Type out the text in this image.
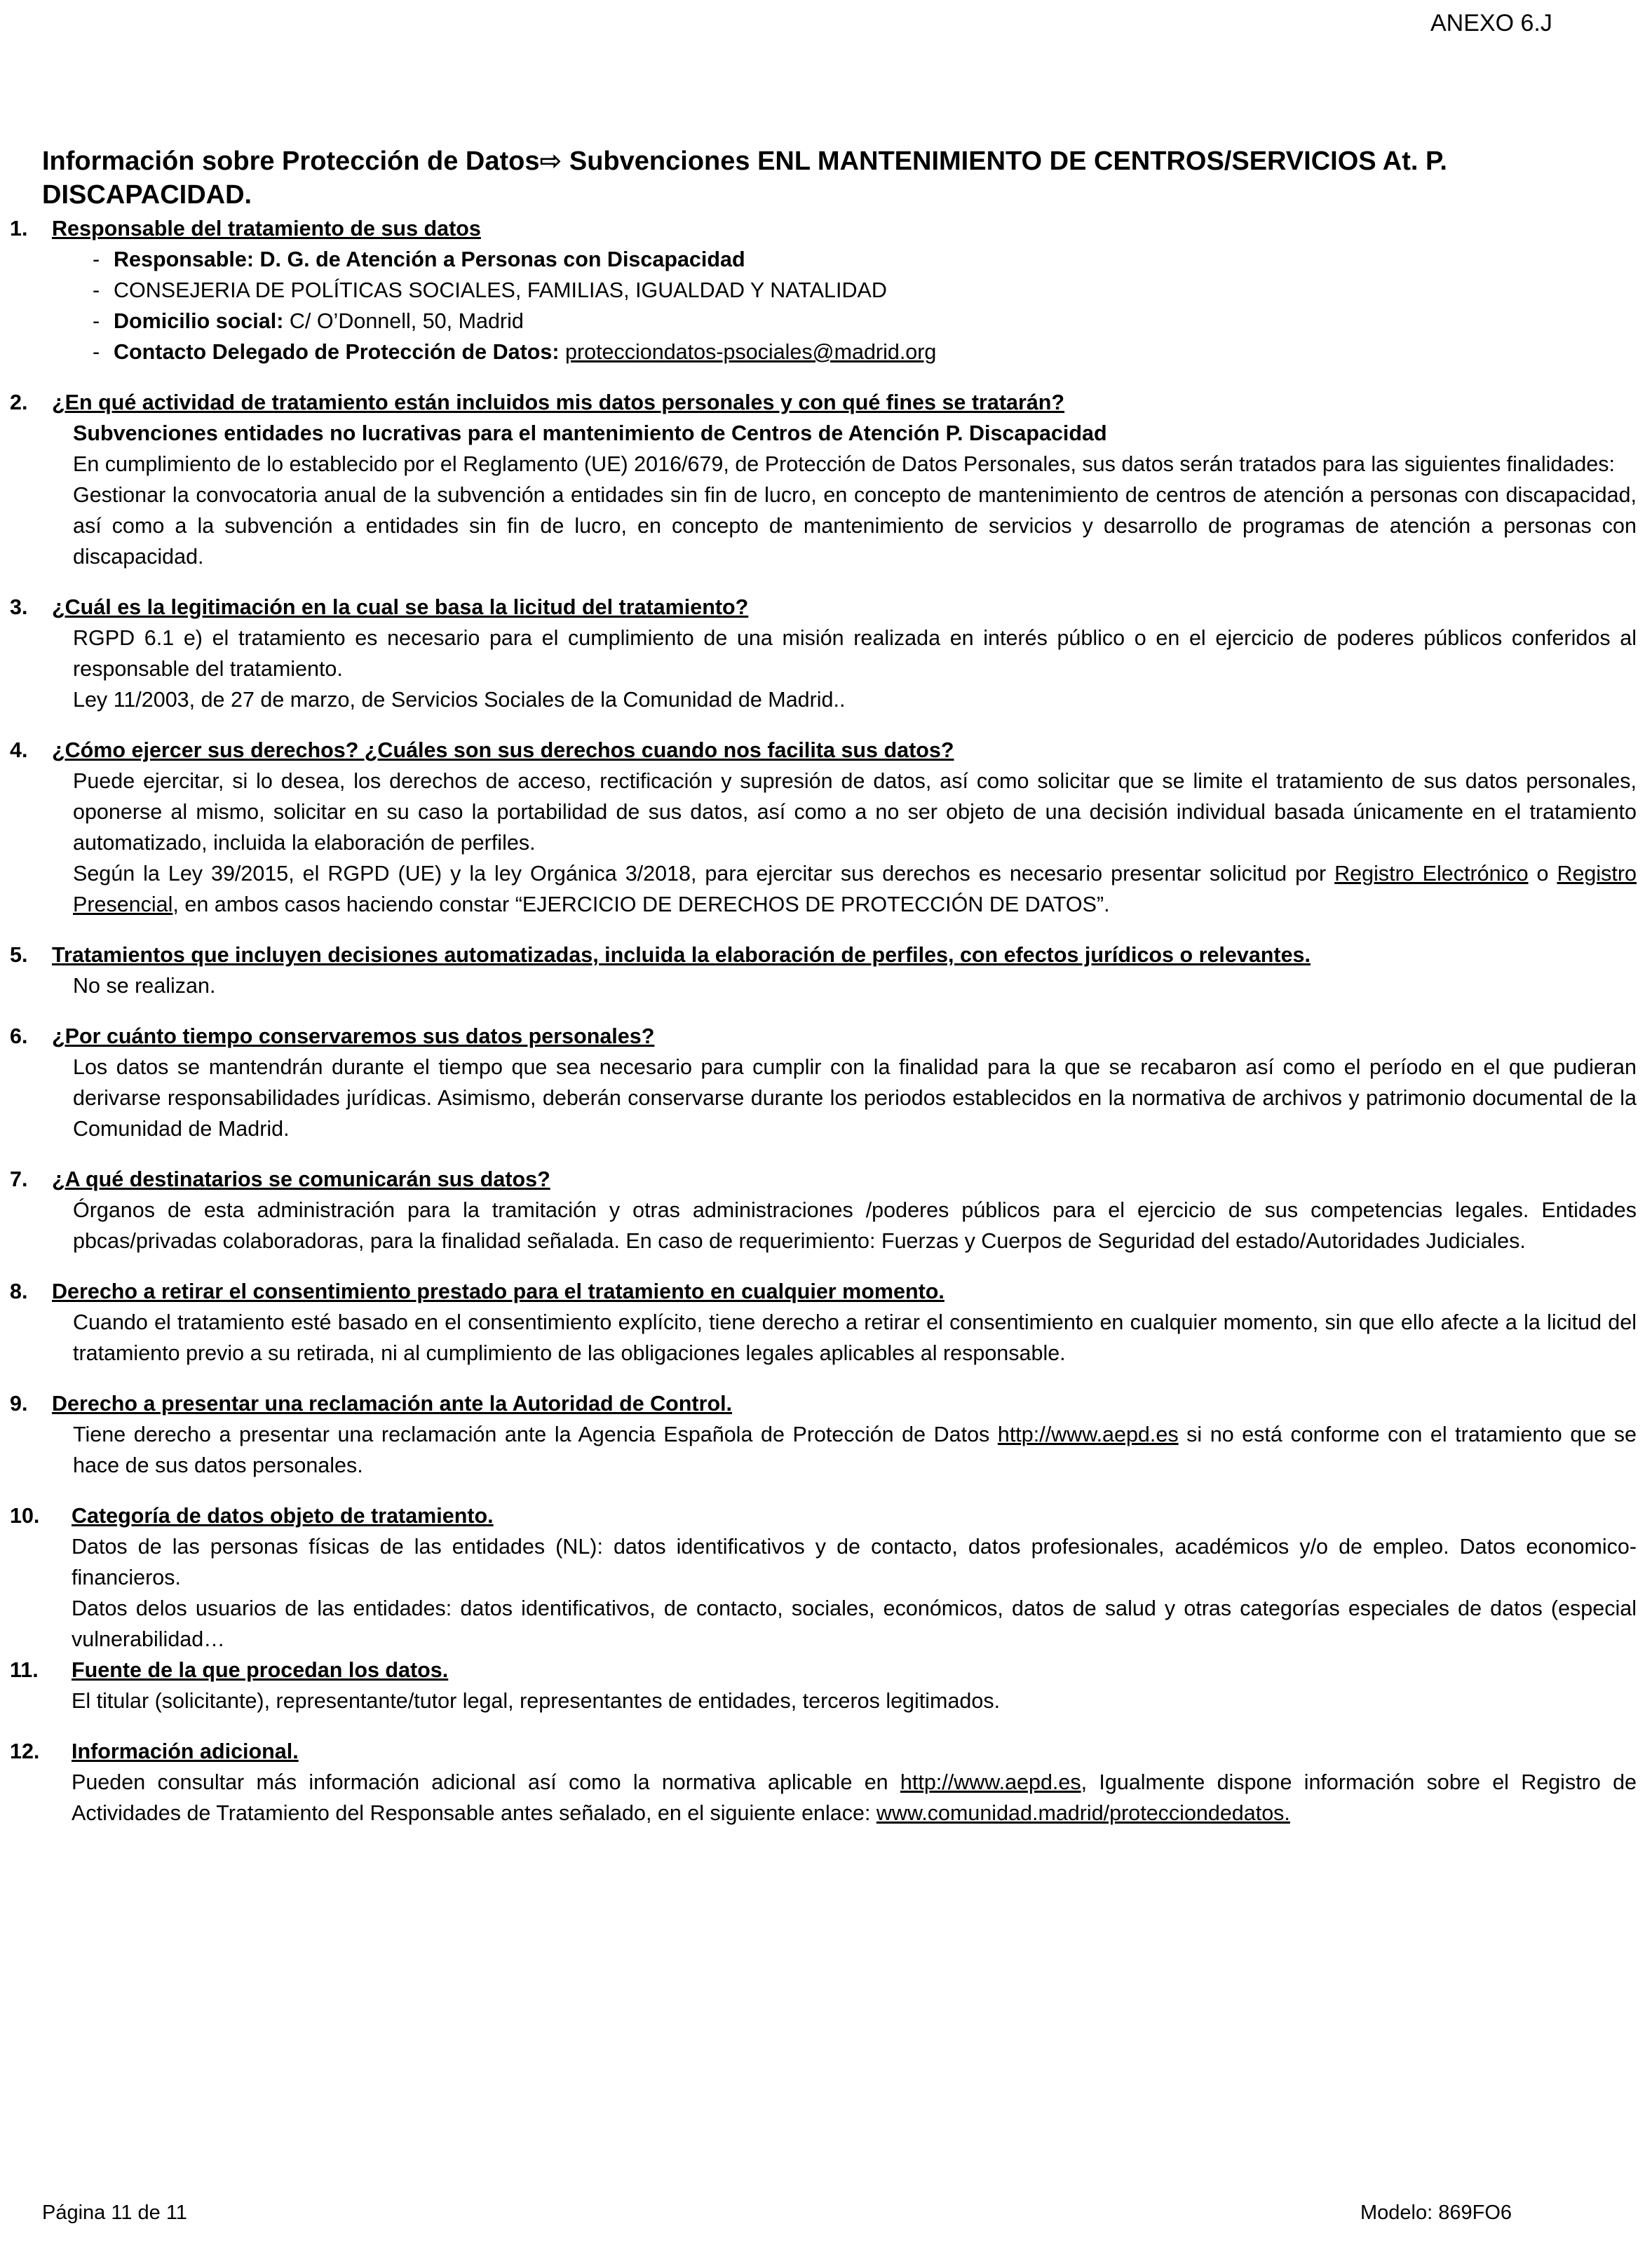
ANEXO 6.J
Información sobre Protección de Datos⇨ Subvenciones ENL MANTENIMIENTO DE CENTROS/SERVICIOS At. P. DISCAPACIDAD.
1.	Responsable del tratamiento de sus datos
- Responsable: D. G. de Atención a Personas con Discapacidad
- CONSEJERIA DE POLÍTICAS SOCIALES, FAMILIAS, IGUALDAD Y NATALIDAD
- Domicilio social: C/ O’Donnell, 50, Madrid
- Contacto Delegado de Protección de Datos: protecciondatos-psociales@madrid.org
2.	¿En qué actividad de tratamiento están incluidos mis datos personales y con qué fines se tratarán?
Subvenciones entidades no lucrativas para el mantenimiento de Centros de Atención P. Discapacidad
En cumplimiento de lo establecido por el Reglamento (UE) 2016/679, de Protección de Datos Personales, sus datos serán tratados para las siguientes finalidades:
Gestionar la convocatoria anual de la subvención a entidades sin fin de lucro, en concepto de mantenimiento de centros de atención a personas con discapacidad, así como a la subvención a entidades sin fin de lucro, en concepto de mantenimiento de servicios y desarrollo de programas de atención a personas con discapacidad.
3.	¿Cuál es la legitimación en la cual se basa la licitud del tratamiento?
RGPD 6.1 e) el tratamiento es necesario para el cumplimiento de una misión realizada en interés público o en el ejercicio de poderes públicos conferidos al responsable del tratamiento.
Ley 11/2003, de 27 de marzo, de Servicios Sociales de la Comunidad de Madrid..
4.	¿Cómo ejercer sus derechos? ¿Cuáles son sus derechos cuando nos facilita sus datos?
Puede ejercitar, si lo desea, los derechos de acceso, rectificación y supresión de datos, así como solicitar que se limite el tratamiento de sus datos personales, oponerse al mismo, solicitar en su caso la portabilidad de sus datos, así como a no ser objeto de una decisión individual basada únicamente en el tratamiento automatizado, incluida la elaboración de perfiles.
Según la Ley 39/2015, el RGPD (UE) y la ley Orgánica 3/2018, para ejercitar sus derechos es necesario presentar solicitud por Registro Electrónico o Registro Presencial, en ambos casos haciendo constar “EJERCICIO DE DERECHOS DE PROTECCIÓN DE DATOS”.
5.	Tratamientos que incluyen decisiones automatizadas, incluida la elaboración de perfiles, con efectos jurídicos o relevantes.
No se realizan.
6.	¿Por cuánto tiempo conservaremos sus datos personales?
Los datos se mantendrán durante el tiempo que sea necesario para cumplir con la finalidad para la que se recabaron así como el período en el que pudieran derivarse responsabilidades jurídicas. Asimismo, deberán conservarse durante los periodos establecidos en la normativa de archivos y patrimonio documental de la Comunidad de Madrid.
7.	¿A qué destinatarios se comunicarán sus datos?
Órganos de esta administración para la tramitación y otras administraciones /poderes públicos para el ejercicio de sus competencias legales. Entidades pbcas/privadas colaboradoras, para la finalidad señalada. En caso de requerimiento: Fuerzas y Cuerpos de Seguridad del estado/Autoridades Judiciales.
8.	Derecho a retirar el consentimiento prestado para el tratamiento en cualquier momento.
Cuando el tratamiento esté basado en el consentimiento explícito, tiene derecho a retirar el consentimiento en cualquier momento, sin que ello afecte a la licitud del tratamiento previo a su retirada, ni al cumplimiento de las obligaciones legales aplicables al responsable.
9.	Derecho a presentar una reclamación ante la Autoridad de Control.
Tiene derecho a presentar una reclamación ante la Agencia Española de Protección de Datos http://www.aepd.es si no está conforme con el tratamiento que se hace de sus datos personales.
10.	Categoría de datos objeto de tratamiento.
Datos de las personas físicas de las entidades (NL): datos identificativos y de contacto, datos profesionales, académicos y/o de empleo. Datos economico-financieros.
Datos delos usuarios de las entidades: datos identificativos, de contacto, sociales, económicos, datos de salud y otras categorías especiales de datos (especial vulnerabilidad…
11.	Fuente de la que procedan los datos.
El titular (solicitante), representante/tutor legal, representantes de entidades, terceros legitimados.
12.	Información adicional.
Pueden consultar más información adicional así como la normativa aplicable en http://www.aepd.es, Igualmente dispone información sobre el Registro de Actividades de Tratamiento del Responsable antes señalado, en el siguiente enlace: www.comunidad.madrid/protecciondedatos.
Página 11 de 11	Modelo: 869FO6
